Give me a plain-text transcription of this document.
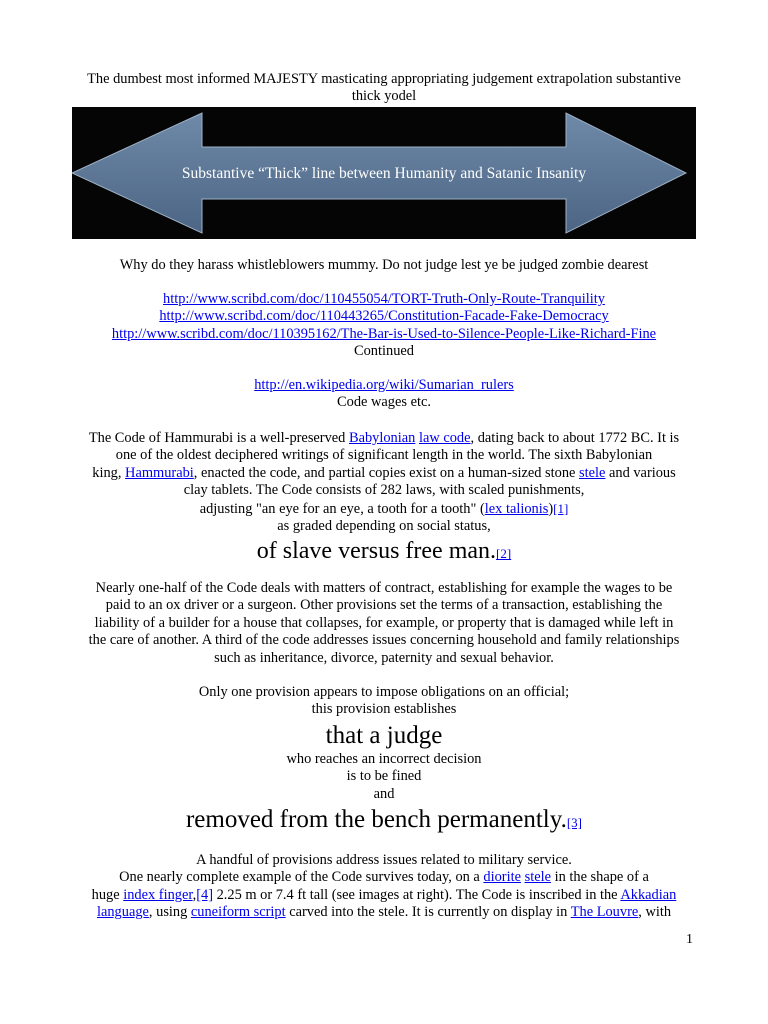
The dumbest most informed MAJESTY masticating appropriating judgement extrapolation substantive
thick yodel
Substantive “Thick” line between Humanity and Satanic Insanity
Why do they harass whistleblowers mummy. Do not judge lest ye be judged zombie dearest
http://www.scribd.com/doc/110455054/TORT-Truth-Only-Route-Tranquility
http://www.scribd.com/doc/110443265/Constitution-Facade-Fake-Democracy
http://www.scribd.com/doc/110395162/The-Bar-is-Used-to-Silence-People-Like-Richard-Fine
Continued
http://en.wikipedia.org/wiki/Sumarian_rulers
Code wages etc.
The Code of Hammurabi is a well-preserved Babylonian law code, dating back to about 1772 BC. It is
one of the oldest deciphered writings of significant length in the world. The sixth Babylonian
king, Hammurabi, enacted the code, and partial copies exist on a human-sized stone stele and various
clay tablets. The Code consists of 282 laws, with scaled punishments,
adjusting "an eye for an eye, a tooth for a tooth" (lex talionis)[1]
as graded depending on social status,
of slave versus free man.[2]
Nearly one-half of the Code deals with matters of contract, establishing for example the wages to be
paid to an ox driver or a surgeon. Other provisions set the terms of a transaction, establishing the
liability of a builder for a house that collapses, for example, or property that is damaged while left in
the care of another. A third of the code addresses issues concerning household and family relationships
such as inheritance, divorce, paternity and sexual behavior.
Only one provision appears to impose obligations on an official;
this provision establishes
that a judge
who reaches an incorrect decision
is to be fined
and
removed from the bench permanently.[3]
A handful of provisions address issues related to military service.
One nearly complete example of the Code survives today, on a diorite stele in the shape of a
huge index finger,[4] 2.25 m or 7.4 ft tall (see images at right). The Code is inscribed in the Akkadian
language, using cuneiform script carved into the stele. It is currently on display in The Louvre, with
1
